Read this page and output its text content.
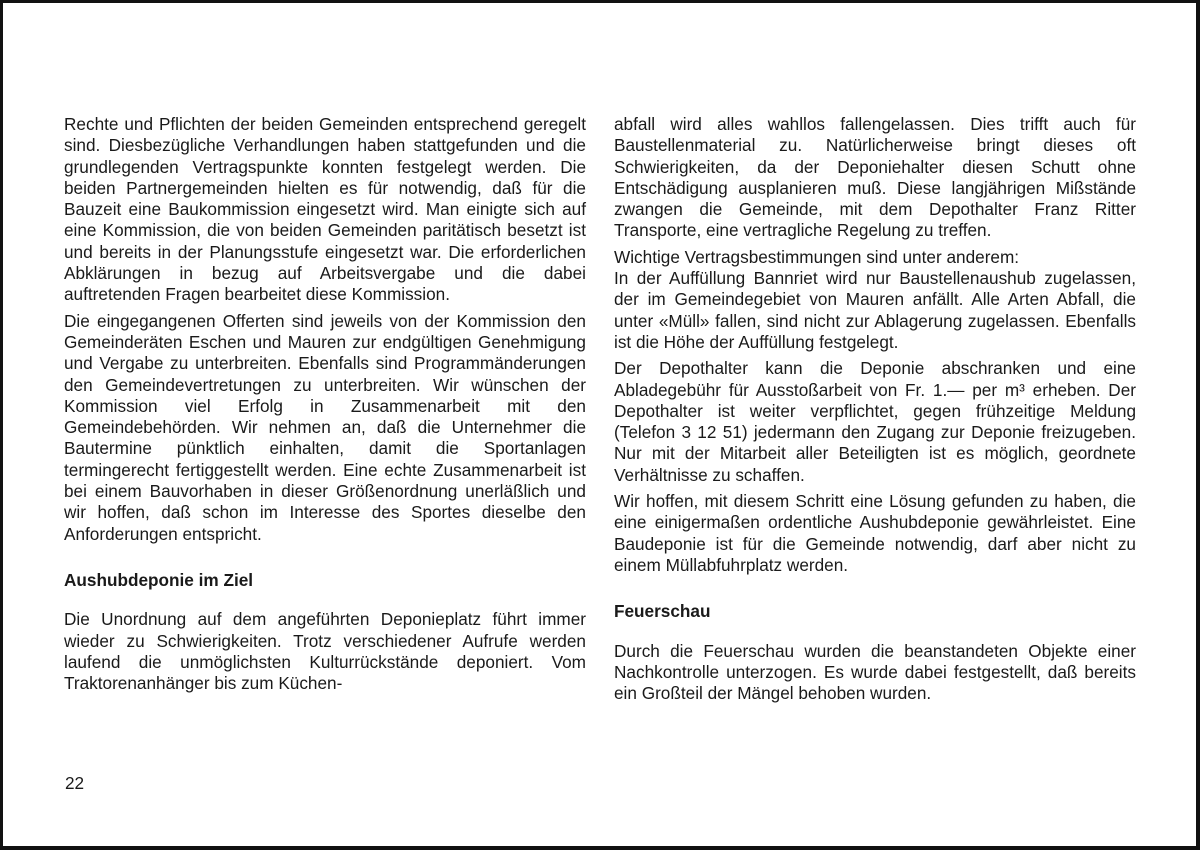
Rechte und Pflichten der beiden Gemeinden entsprechend geregelt sind. Diesbezügliche Verhandlungen haben stattgefunden und die grundlegenden Vertragspunkte konnten festgelegt werden. Die beiden Partnergemeinden hielten es für notwendig, daß für die Bauzeit eine Baukommission eingesetzt wird. Man einigte sich auf eine Kommission, die von beiden Gemeinden paritätisch besetzt ist und bereits in der Planungsstufe eingesetzt war. Die erforderlichen Abklärungen in bezug auf Arbeitsvergabe und die dabei auftretenden Fragen bearbeitet diese Kommission.

Die eingegangenen Offerten sind jeweils von der Kommission den Gemeinderäten Eschen und Mauren zur endgültigen Genehmigung und Vergabe zu unterbreiten. Ebenfalls sind Programmänderungen den Gemeindevertretungen zu unterbreiten. Wir wünschen der Kommission viel Erfolg in Zusammenarbeit mit den Gemeindebehörden. Wir nehmen an, daß die Unternehmer die Bautermine pünktlich einhalten, damit die Sportanlagen termingerecht fertiggestellt werden. Eine echte Zusammenarbeit ist bei einem Bauvorhaben in dieser Größenordnung unerläßlich und wir hoffen, daß schon im Interesse des Sportes dieselbe den Anforderungen entspricht.

Aushubdeponie im Ziel

Die Unordnung auf dem angeführten Deponieplatz führt immer wieder zu Schwierigkeiten. Trotz verschiedener Aufrufe werden laufend die unmöglichsten Kulturrückstände deponiert. Vom Traktorenanhänger bis zum Küchen-

abfall wird alles wahllos fallengelassen. Dies trifft auch für Baustellenmaterial zu. Natürlicherweise bringt dieses oft Schwierigkeiten, da der Deponiehalter diesen Schutt ohne Entschädigung ausplanieren muß. Diese langjährigen Mißstände zwangen die Gemeinde, mit dem Depothalter Franz Ritter Transporte, eine vertragliche Regelung zu treffen.

Wichtige Vertragsbestimmungen sind unter anderem:

In der Auffüllung Bannriet wird nur Baustellenaushub zugelassen, der im Gemeindegebiet von Mauren anfällt. Alle Arten Abfall, die unter «Müll» fallen, sind nicht zur Ablagerung zugelassen. Ebenfalls ist die Höhe der Auffüllung festgelegt.

Der Depothalter kann die Deponie abschranken und eine Abladegebühr für Ausstoßarbeit von Fr. 1.— per m³ erheben. Der Depothalter ist weiter verpflichtet, gegen frühzeitige Meldung (Telefon 3 12 51) jedermann den Zugang zur Deponie freizugeben. Nur mit der Mitarbeit aller Beteiligten ist es möglich, geordnete Verhältnisse zu schaffen.

Wir hoffen, mit diesem Schritt eine Lösung gefunden zu haben, die eine einigermaßen ordentliche Aushubdeponie gewährleistet. Eine Baudeponie ist für die Gemeinde notwendig, darf aber nicht zu einem Müllabfuhrplatz werden.

Feuerschau

Durch die Feuerschau wurden die beanstandeten Objekte einer Nachkontrolle unterzogen. Es wurde dabei festgestellt, daß bereits ein Großteil der Mängel behoben wurden.

22
